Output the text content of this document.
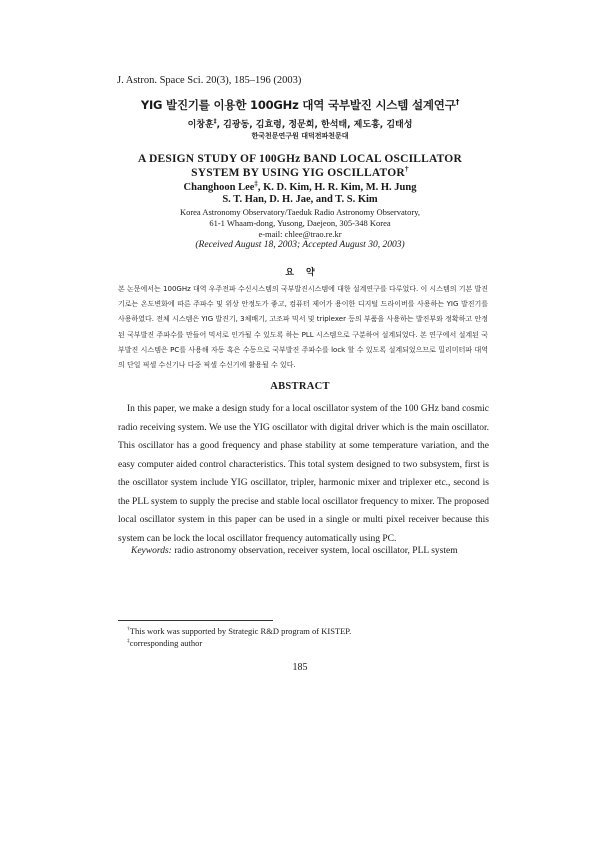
J. Astron. Space Sci. 20(3), 185–196 (2003)
YIG 발진기를 이용한 100GHz 대역 국부발진 시스템 설계연구†
이창훈‡, 김광동, 김효령, 정문희, 한석태, 제도흥, 김태성
한국천문연구원 대덕전파천문대
A DESIGN STUDY OF 100GHz BAND LOCAL OSCILLATOR
SYSTEM BY USING YIG OSCILLATOR†
Changhoon Lee‡, K. D. Kim, H. R. Kim, M. H. Jung
S. T. Han, D. H. Jae, and T. S. Kim
Korea Astronomy Observatory/Taeduk Radio Astronomy Observatory,
61-1 Whaam-dong, Yusong, Daejeon, 305-348 Korea
e-mail: chlee@trao.re.kr
(Received August 18, 2003; Accepted August 30, 2003)
요약

본 논문에서는 100GHz 대역 우주전파 수신시스템의 국부발진시스템에 대한 설계연구를 다루었다. 이 시스템의 기본 발진기로는 온도변화에 따른 주파수 및 위상 안정도가 좋고, 컴퓨터 제어가 용이한 디지털 드라이버를 사용하는 YIG 발진기를 사용하였다. 전체 시스템은 YIG 발진기, 3체배기, 고조파 믹서 및 triplexer 등의 부품을 사용하는 발진부와 정확하고 안정된 국부발진 주파수를 만들어 믹서로 인가될 수 있도록 하는 PLL 시스템으로 구분하여 설계되었다. 본 연구에서 설계된 국부발진 시스템은 PC를 사용해 자동 혹은 수동으로 국부발진 주파수를 lock 할 수 있도록 설계되었으므로 밀리미터파 대역의 단일 픽셀 수신기나 다중 픽셀 수신기에 활용될 수 있다.

ABSTRACT

In this paper, we make a design study for a local oscillator system of the 100 GHz band cosmic radio receiving system. We use the YIG oscillator with digital driver which is the main oscillator. This oscillator has a good frequency and phase stability at some temperature variation, and the easy computer aided control characteristics. This total system designed to two subsystem, first is the oscillator system include YIG oscillator, tripler, harmonic mixer and triplexer etc., second is the PLL system to supply the precise and stable local oscillator frequency to mixer. The proposed local oscillator system in this paper can be used in a single or multi pixel receiver because this system can be lock the local oscillator frequency automatically using PC.

Keywords: radio astronomy observation, receiver system, local oscillator, PLL system
†This work was supported by Strategic R&D program of KISTEP.
‡corresponding author
185
